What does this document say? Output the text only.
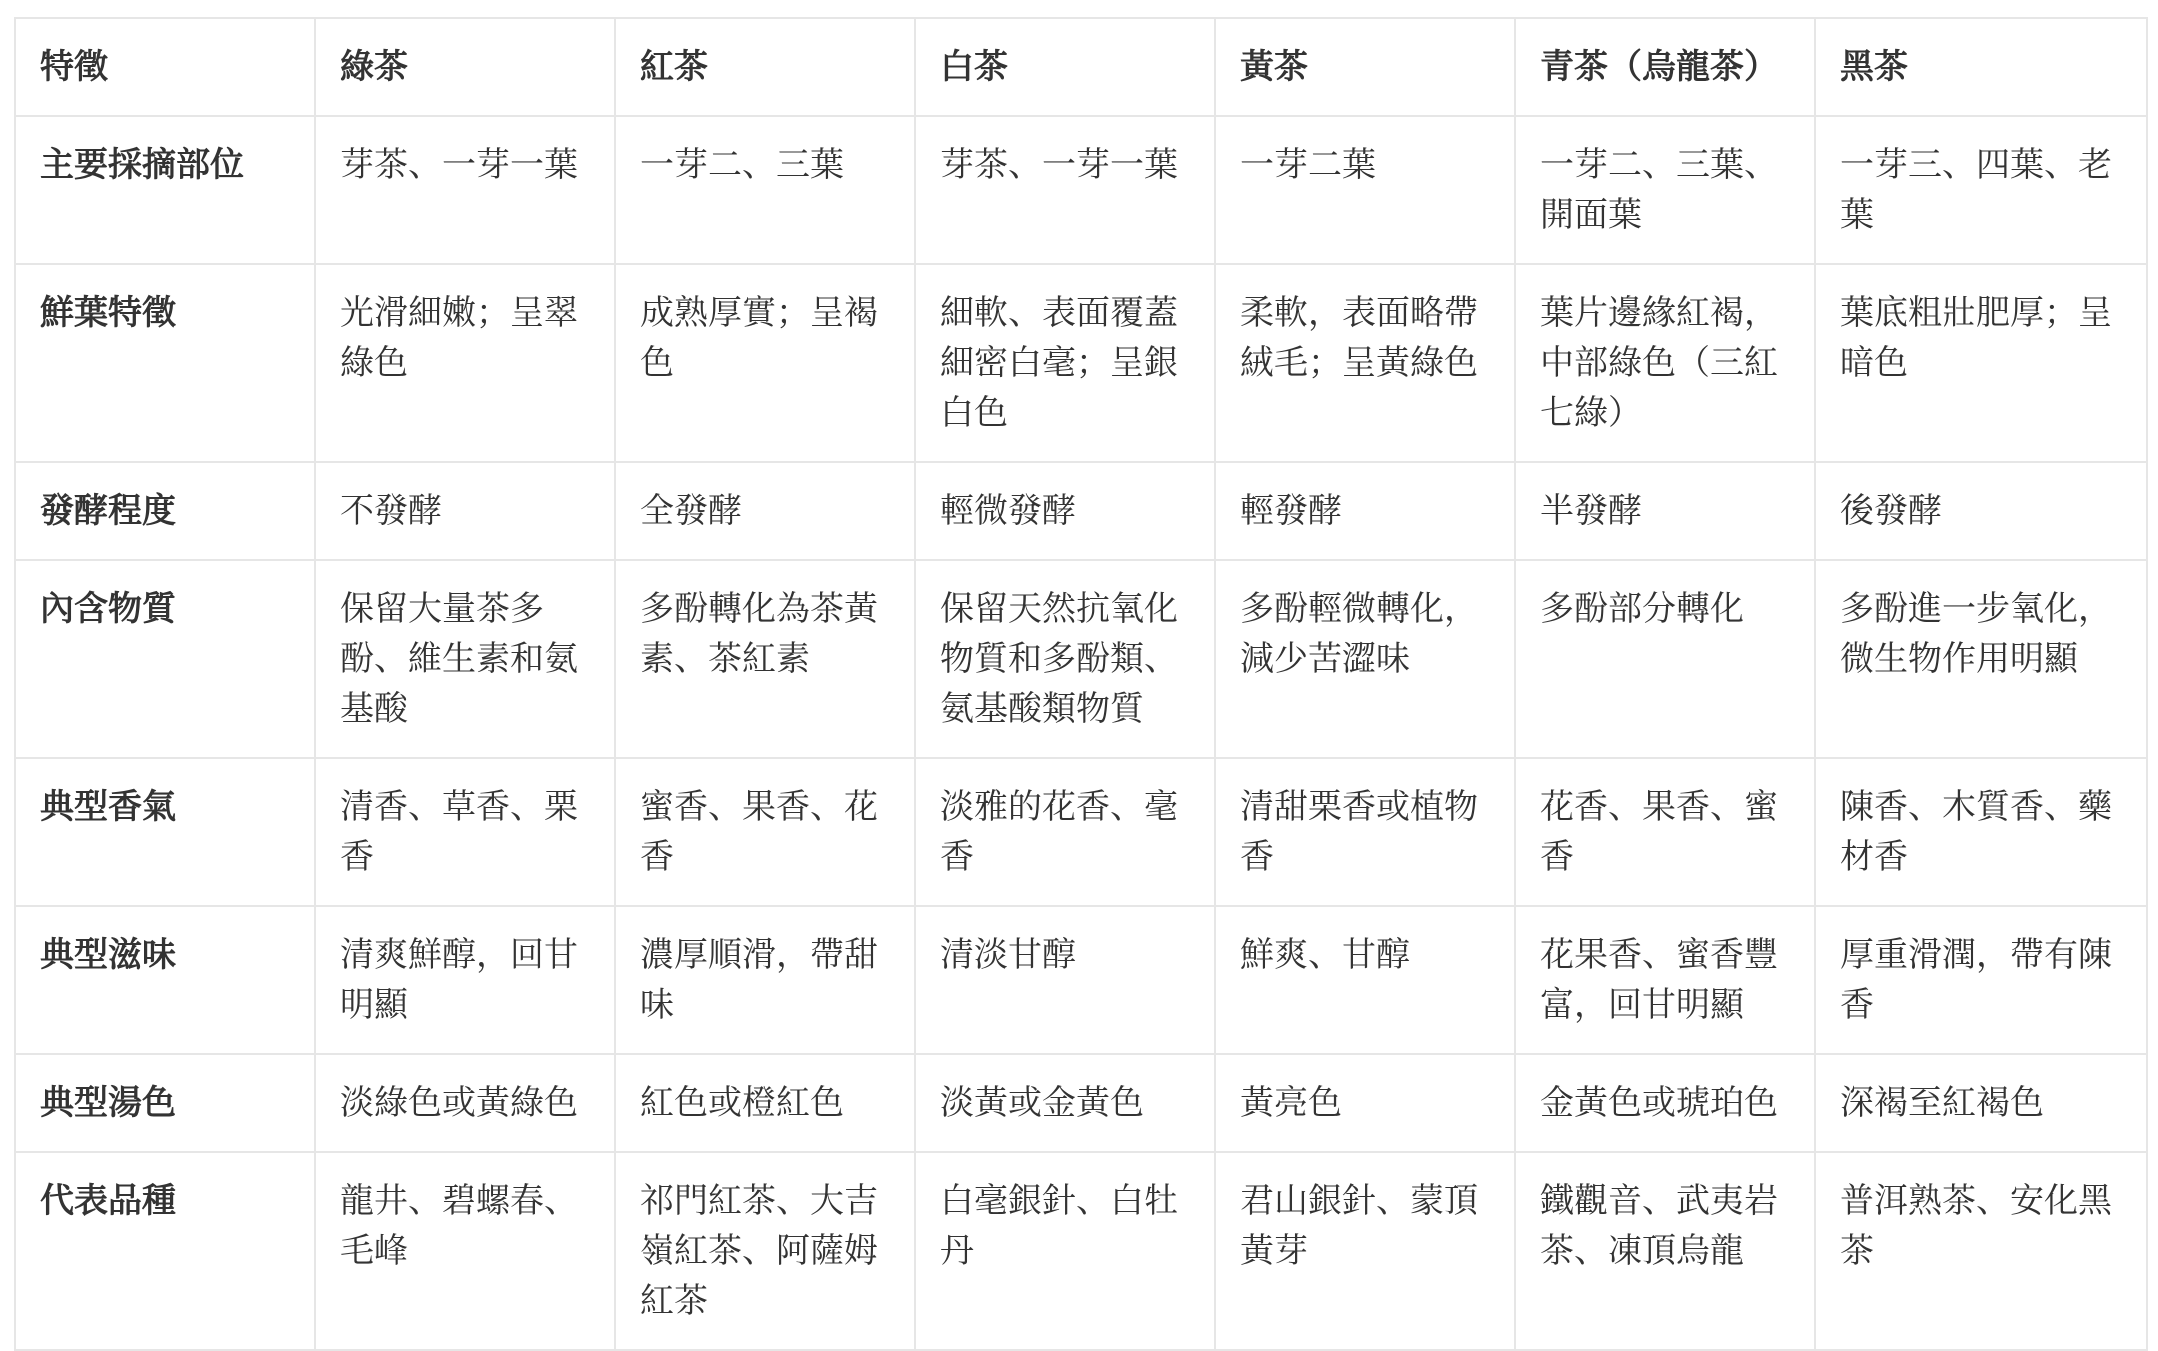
特徵	綠茶	紅茶	白茶	黃茶	青茶（烏龍茶）	黑茶
主要採摘部位	芽茶、一芽一葉	一芽二、三葉	芽茶、一芽一葉	一芽二葉	一芽二、三葉、開面葉	一芽三、四葉、老葉
鮮葉特徵	光滑細嫩；呈翠綠色	成熟厚實；呈褐色	細軟、表面覆蓋細密白毫；呈銀白色	柔軟，表面略帶絨毛；呈黃綠色	葉片邊緣紅褐，中部綠色（三紅七綠）	葉底粗壯肥厚；呈暗色
發酵程度	不發酵	全發酵	輕微發酵	輕發酵	半發酵	後發酵
內含物質	保留大量茶多酚、維生素和氨基酸	多酚轉化為茶黃素、茶紅素	保留天然抗氧化物質和多酚類、氨基酸類物質	多酚輕微轉化，減少苦澀味	多酚部分轉化	多酚進一步氧化，微生物作用明顯
典型香氣	清香、草香、栗香	蜜香、果香、花香	淡雅的花香、毫香	清甜栗香或植物香	花香、果香、蜜香	陳香、木質香、藥材香
典型滋味	清爽鮮醇，回甘明顯	濃厚順滑，帶甜味	清淡甘醇	鮮爽、甘醇	花果香、蜜香豐富，回甘明顯	厚重滑潤，帶有陳香
典型湯色	淡綠色或黃綠色	紅色或橙紅色	淡黃或金黃色	黃亮色	金黃色或琥珀色	深褐至紅褐色
代表品種	龍井、碧螺春、毛峰	祁門紅茶、大吉嶺紅茶、阿薩姆紅茶	白毫銀針、白牡丹	君山銀針、蒙頂黃芽	鐵觀音、武夷岩茶、凍頂烏龍	普洱熟茶、安化黑茶
